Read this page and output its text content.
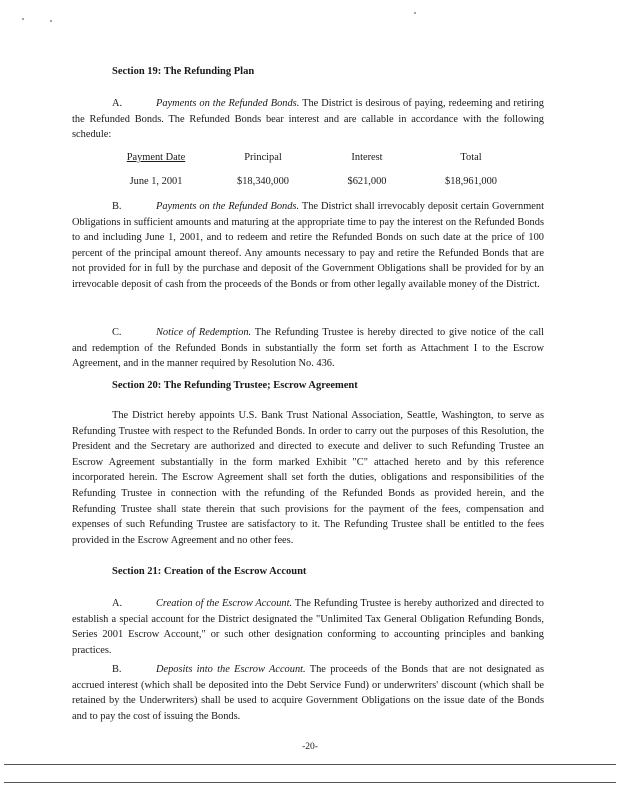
Section 19: The Refunding Plan
A.	Payments on the Refunded Bonds. The District is desirous of paying, redeeming and retiring the Refunded Bonds. The Refunded Bonds bear interest and are callable in accordance with the following schedule:
Payment Date	Principal	Interest	Total
June 1, 2001	$18,340,000	$621,000	$18,961,000
B.	Payments on the Refunded Bonds. The District shall irrevocably deposit certain Government Obligations in sufficient amounts and maturing at the appropriate time to pay the interest on the Refunded Bonds to and including June 1, 2001, and to redeem and retire the Refunded Bonds on such date at the price of 100 percent of the principal amount thereof. Any amounts necessary to pay and retire the Refunded Bonds that are not provided for in full by the purchase and deposit of the Government Obligations shall be provided for by an irrevocable deposit of cash from the proceeds of the Bonds or from other legally available money of the District.
C.	Notice of Redemption. The Refunding Trustee is hereby directed to give notice of the call and redemption of the Refunded Bonds in substantially the form set forth as Attachment I to the Escrow Agreement, and in the manner required by Resolution No. 436.
Section 20: The Refunding Trustee; Escrow Agreement
The District hereby appoints U.S. Bank Trust National Association, Seattle, Washington, to serve as Refunding Trustee with respect to the Refunded Bonds. In order to carry out the purposes of this Resolution, the President and the Secretary are authorized and directed to execute and deliver to such Refunding Trustee an Escrow Agreement substantially in the form marked Exhibit "C" attached hereto and by this reference incorporated herein. The Escrow Agreement shall set forth the duties, obligations and responsibilities of the Refunding Trustee in connection with the refunding of the Refunded Bonds as provided herein, and the Refunding Trustee shall state therein that such provisions for the payment of the fees, compensation and expenses of such Refunding Trustee are satisfactory to it. The Refunding Trustee shall be entitled to the fees provided in the Escrow Agreement and no other fees.
Section 21: Creation of the Escrow Account
A.	Creation of the Escrow Account. The Refunding Trustee is hereby authorized and directed to establish a special account for the District designated the "Unlimited Tax General Obligation Refunding Bonds, Series 2001 Escrow Account," or such other designation conforming to accounting principles and banking practices.
B.	Deposits into the Escrow Account. The proceeds of the Bonds that are not designated as accrued interest (which shall be deposited into the Debt Service Fund) or underwriters' discount (which shall be retained by the Underwriters) shall be used to acquire Government Obligations on the issue date of the Bonds and to pay the cost of issuing the Bonds.
-20-
